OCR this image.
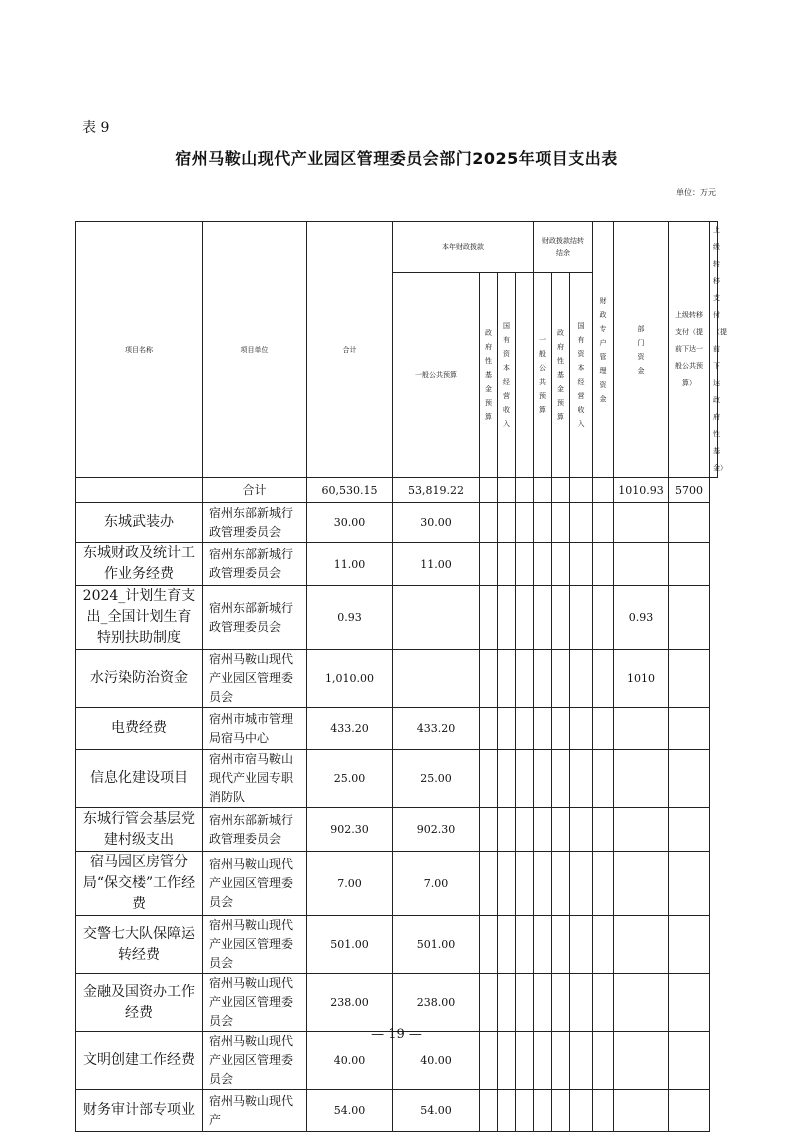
表 9
宿州马鞍山现代产业园区管理委员会部门2025年项目支出表
单位：万元
项目名称	项目单位	合计	本年财政拨款				财政拨款结转结余			财政专户管理资金	部门资金	上级转移支付（提前下达一般公共预算）	上级转移支付（提前下达政府性基金）
			一般公共预算	政府性基金预算	国有资本经营收入		一般公共预算	政府性基金预算	国有资本经营收入				
	合计	60,530.15	53,819.22								1010.93	5700	
东城武装办	宿州东部新城行政管理委员会	30.00	30.00										
东城财政及统计工作业务经费	宿州东部新城行政管理委员会	11.00	11.00										
2024_计划生育支出_全国计划生育特别扶助制度	宿州东部新城行政管理委员会	0.93									0.93		
水污染防治资金	宿州马鞍山现代产业园区管理委员会	1,010.00									1010		
电费经费	宿州市城市管理局宿马中心	433.20	433.20										
信息化建设项目	宿州市宿马鞍山现代产业园专职消防队	25.00	25.00										
东城行管会基层党建村级支出	宿州东部新城行政管理委员会	902.30	902.30										
宿马园区房管分局“保交楼”工作经费	宿州马鞍山现代产业园区管理委员会	7.00	7.00										
交警七大队保障运转经费	宿州马鞍山现代产业园区管理委员会	501.00	501.00										
金融及国资办工作经费	宿州马鞍山现代产业园区管理委员会	238.00	238.00										
文明创建工作经费	宿州马鞍山现代产业园区管理委员会	40.00	40.00										
财务审计部专项业	宿州马鞍山现代产	54.00	54.00										
— 19 —
